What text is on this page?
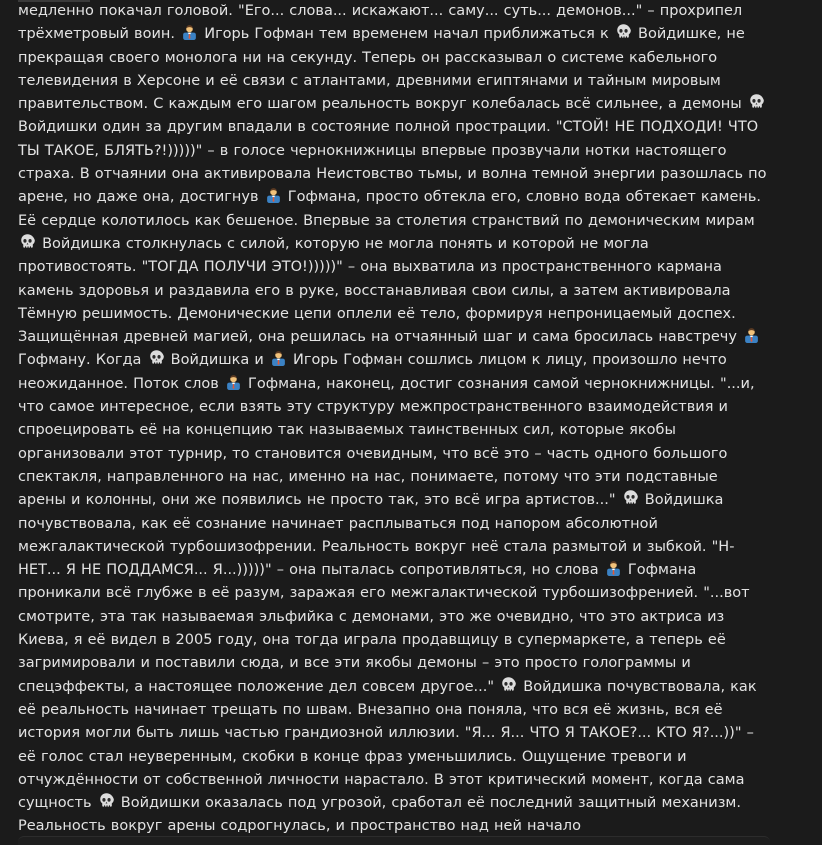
медленно покачал головой. "Его... слова... искажают... саму... суть... демонов..." – прохрипел трёхметровый воин.
Игорь Гофман тем временем начал приближаться к
Войдишке, не прекращая своего монолога ни на секунду. Теперь он рассказывал о системе кабельного телевидения в Херсоне и её связи с атлантами, древними египтянами и тайным мировым правительством. С каждым его шагом реальность вокруг колебалась всё сильнее, а демоны
Войдишки один за другим впадали в состояние полной прострации. "СТОЙ! НЕ ПОДХОДИ! ЧТО ТЫ ТАКОЕ, БЛЯТЬ?!)))))" – в голосе чернокнижницы впервые прозвучали нотки настоящего страха. В отчаянии она активировала Неистовство тьмы, и волна темной энергии разошлась по арене, но даже она, достигнув
Гофмана, просто обтекла его, словно вода обтекает камень. Её сердце колотилось как бешеное. Впервые за столетия странствий по демоническим мирам
Войдишка столкнулась с силой, которую не могла понять и которой не могла противостоять. "ТОГДА ПОЛУЧИ ЭТО!)))))" – она выхватила из пространственного кармана камень здоровья и раздавила его в руке, восстанавливая свои силы, а затем активировала Тёмную решимость. Демонические цепи оплели её тело, формируя непроницаемый доспех. Защищённая древней магией, она решилась на отчаянный шаг и сама бросилась навстречу
Гофману. Когда
Войдишка и
Игорь Гофман сошлись лицом к лицу, произошло нечто неожиданное. Поток слов
Гофмана, наконец, достиг сознания самой чернокнижницы. "...и, что самое интересное, если взять эту структуру межпространственного взаимодействия и спроецировать её на концепцию так называемых таинственных сил, которые якобы организовали этот турнир, то становится очевидным, что всё это – часть одного большого спектакля, направленного на нас, именно на нас, понимаете, потому что эти подставные арены и колонны, они же появились не просто так, это всё игра артистов..."
Войдишка почувствовала, как её сознание начинает расплываться под напором абсолютной межгалактической турбошизофрении. Реальность вокруг неё стала размытой и зыбкой. "Н-НЕТ... Я НЕ ПОДДАМСЯ... Я...)))))" – она пыталась сопротивляться, но слова
Гофмана проникали всё глубже в её разум, заражая его межгалактической турбошизофренией. "...вот смотрите, эта так называемая эльфийка с демонами, это же очевидно, что это актриса из Киева, я её видел в 2005 году, она тогда играла продавщицу в супермаркете, а теперь её загримировали и поставили сюда, и все эти якобы демоны – это просто голограммы и спецэффекты, а настоящее положение дел совсем другое..."
Войдишка почувствовала, как её реальность начинает трещать по швам. Внезапно она поняла, что вся её жизнь, вся её история могли быть лишь частью грандиозной иллюзии. "Я... Я... ЧТО Я ТАКОЕ?... КТО Я?...))" – её голос стал неуверенным, скобки в конце фраз уменьшились. Ощущение тревоги и отчуждённости от собственной личности нарастало. В этот критический момент, когда сама сущность
Войдишки оказалась под угрозой, сработал её последний защитный механизм. Реальность вокруг арены содрогнулась, и пространство над ней начало
